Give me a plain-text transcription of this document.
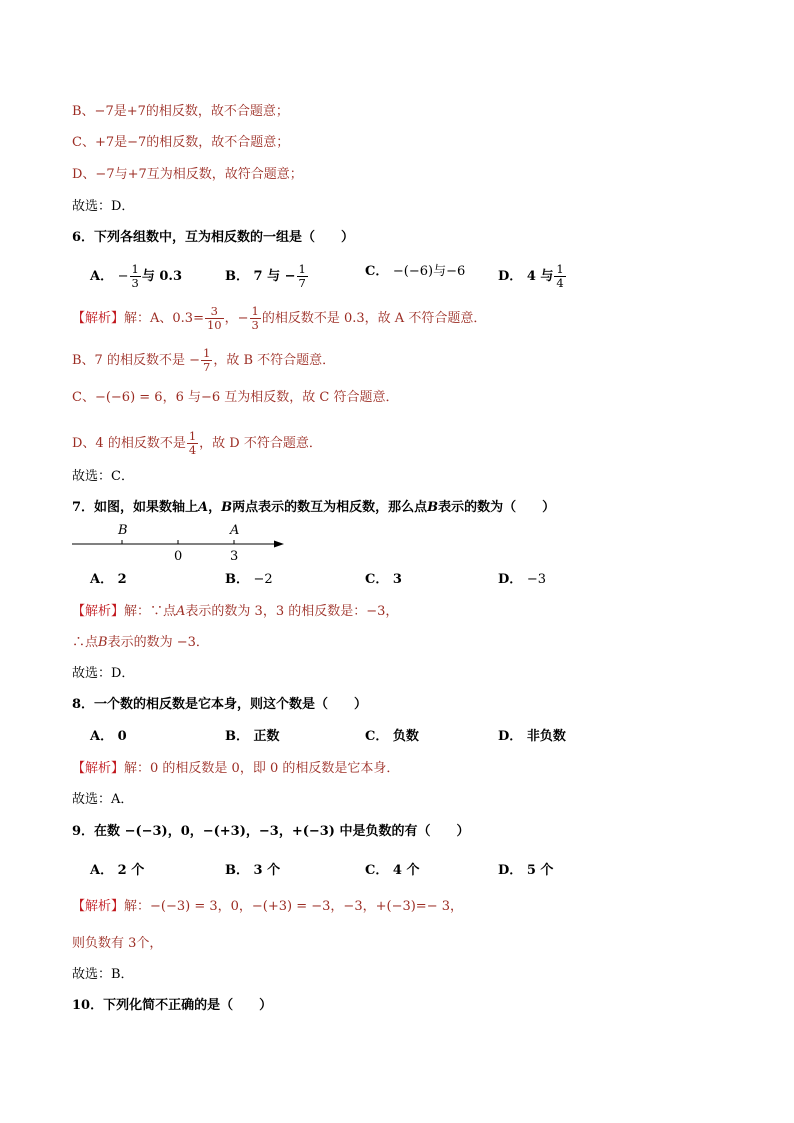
B、−7是+7的相反数，故不合题意；
C、+7是−7的相反数，故不合题意；
D、−7与+7互为相反数，故符合题意；
故选：D．
6．下列各组数中，互为相反数的一组是（　　）
A． − $\frac{1}{3}$ 与 0.3	B． 7 与 − $\frac{1}{7}$	C． −(−6)与−6	D． 4 与 $\frac{1}{4}$
【解析】解：A、$0.3= \frac{3}{10}$ ，− $\frac{1}{3}$ 的相反数不是 0.3，故 A 不符合题意．
B、7 的相反数不是 − $\frac{1}{7}$ ，故 B 不符合题意．
C、−(−6) = 6，6 与−6 互为相反数，故 C 符合题意．
D、4 的相反数不是 $\frac{1}{4}$ ，故 D 不符合题意．
故选：C．
7．如图，如果数轴上A，B两点表示的数互为相反数，那么点B表示的数为（　　）
B	A
0	3
A． 2	B． −2	C． 3	D． −3
【解析】解：∵点A表示的数为 3，3 的相反数是：−3，
∴点B表示的数为 −3．
故选：D．
8．一个数的相反数是它本身，则这个数是（　　）
A． 0	B． 正数	C． 负数	D． 非负数
【解析】解：0 的相反数是 0，即 0 的相反数是它本身．
故选：A．
9．在数 −(−3)，0，−(+3)，−3，+(−3) 中是负数的有（　　）
A． 2 个	B． 3 个	C． 4 个	D． 5 个
【解析】解：−(−3) = 3，0，−(+3) = −3，−3，+(−3)=− 3，
则负数有 3个，
故选：B．
10．下列化简不正确的是（　　）
